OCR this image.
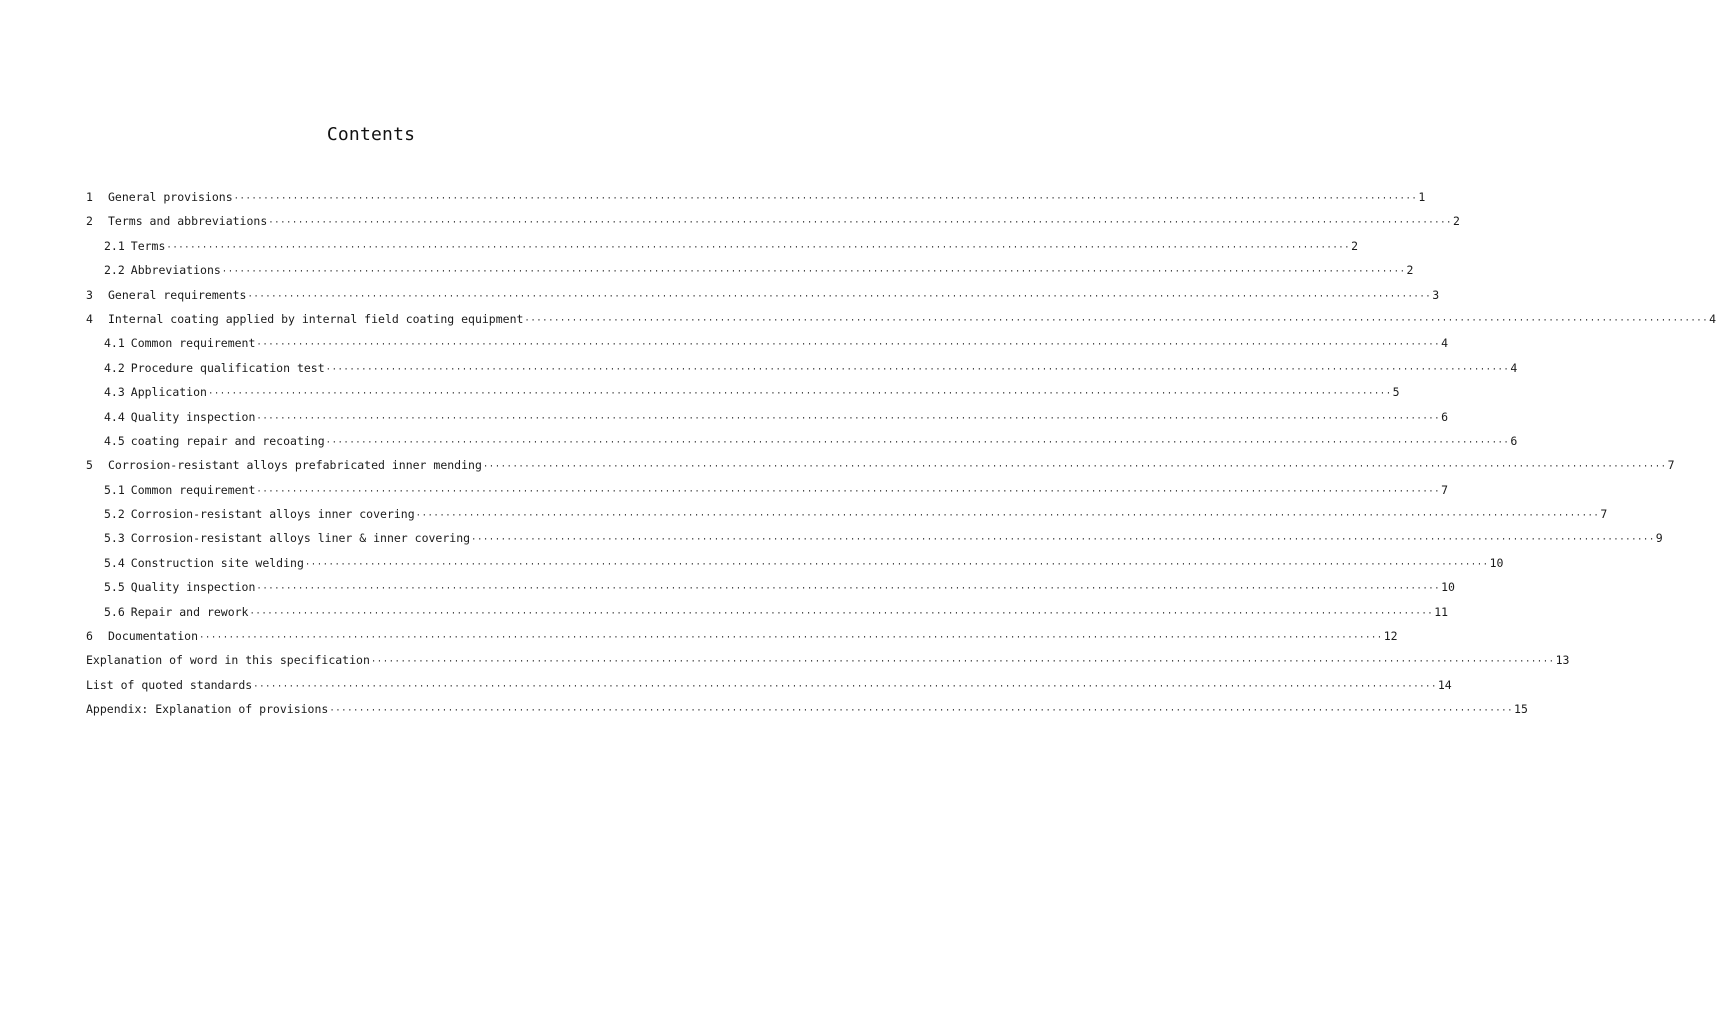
Contents
1	General provisions ········································································································································································································ 1
2	Terms and abbreviations ········································································································································································································ 2
2.1 Terms ········································································································································································································ 2
2.2 Abbreviations ········································································································································································································ 2
3	General requirements ········································································································································································································ 3
4	Internal coating applied by internal field coating equipment ········································································································································································································ 4
4.1 Common requirement ········································································································································································································ 4
4.2 Procedure qualification test ········································································································································································································ 4
4.3 Application ········································································································································································································ 5
4.4 Quality inspection ········································································································································································································ 6
4.5 coating repair and recoating ········································································································································································································ 6
5	Corrosion-resistant alloys prefabricated inner mending ········································································································································································································ 7
5.1 Common requirement ········································································································································································································ 7
5.2 Corrosion-resistant alloys inner covering ········································································································································································································ 7
5.3 Corrosion-resistant alloys liner & inner covering ········································································································································································································ 9
5.4 Construction site welding ········································································································································································································ 10
5.5 Quality inspection ········································································································································································································ 10
5.6 Repair and rework ········································································································································································································ 11
6	Documentation ········································································································································································································ 12
Explanation of word in this specification ········································································································································································································ 13
List of quoted standards ········································································································································································································ 14
Appendix: Explanation of provisions ········································································································································································································ 15
